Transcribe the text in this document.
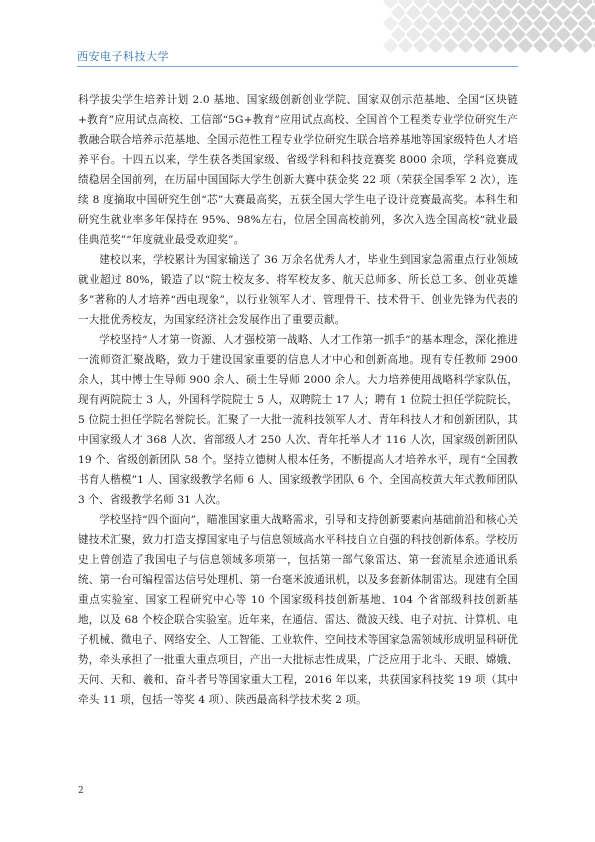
西安电子科技大学

科学拔尖学生培养计划 2.0 基地、国家级创新创业学院、国家双创示范基地、全国“区块链+教育”应用试点高校、工信部“5G+教育”应用试点高校、全国首个工程类专业学位研究生产教融合联合培养示范基地、全国示范性工程专业学位研究生联合培养基地等国家级特色人才培养平台。十四五以来，学生获各类国家级、省级学科和科技竞赛奖 8000 余项，学科竞赛成绩稳居全国前列，在历届中国国际大学生创新大赛中获金奖 22 项（荣获全国季军 2 次），连续 8 度摘取中国研究生创“芯”大赛最高奖，五获全国大学生电子设计竞赛最高奖。本科生和研究生就业率多年保持在 95%、98%左右，位居全国高校前列，多次入选全国高校“就业最佳典范奖”“年度就业最受欢迎奖”。

建校以来，学校累计为国家输送了 36 万余名优秀人才，毕业生到国家急需重点行业领域就业超过 80%，锻造了以“院士校友多、将军校友多、航天总师多、所长总工多、创业英雄多”著称的人才培养“西电现象”，以行业领军人才、管理骨干、技术骨干、创业先锋为代表的一大批优秀校友，为国家经济社会发展作出了重要贡献。

学校坚持“人才第一资源、人才强校第一战略、人才工作第一抓手”的基本理念，深化推进一流师资汇聚战略，致力于建设国家重要的信息人才中心和创新高地。现有专任教师 2900 余人，其中博士生导师 900 余人、硕士生导师 2000 余人。大力培养使用战略科学家队伍，现有两院院士 3 人，外国科学院院士 5 人，双聘院士 17 人；聘有 1 位院士担任学院院长，5 位院士担任学院名誉院长。汇聚了一大批一流科技领军人才、青年科技人才和创新团队，其中国家级人才 368 人次、省部级人才 250 人次、青年托举人才 116 人次，国家级创新团队 19 个、省级创新团队 58 个。坚持立德树人根本任务，不断提高人才培养水平，现有“全国教书育人楷模”1 人、国家级教学名师 6 人、国家级教学团队 6 个、全国高校黄大年式教师团队 3 个、省级教学名师 31 人次。

学校坚持“四个面向”，瞄准国家重大战略需求，引导和支持创新要素向基础前沿和核心关键技术汇聚，致力打造支撑国家电子与信息领域高水平科技自立自强的科技创新体系。学校历史上曾创造了我国电子与信息领域多项第一，包括第一部气象雷达、第一套流星余迹通讯系统、第一台可编程雷达信号处理机、第一台毫米波通讯机，以及多套新体制雷达。现建有全国重点实验室、国家工程研究中心等 10 个国家级科技创新基地、104 个省部级科技创新基地，以及 68 个校企联合实验室。近年来，在通信、雷达、微波天线、电子对抗、计算机、电子机械、微电子、网络安全、人工智能、工业软件、空间技术等国家急需领域形成明显科研优势，牵头承担了一批重大重点项目，产出一大批标志性成果，广泛应用于北斗、天眼、嫦娥、天问、天和、羲和、奋斗者号等国家重大工程，2016 年以来，共获国家科技奖 19 项（其中牵头 11 项，包括一等奖 4 项）、陕西最高科学技术奖 2 项。

2
